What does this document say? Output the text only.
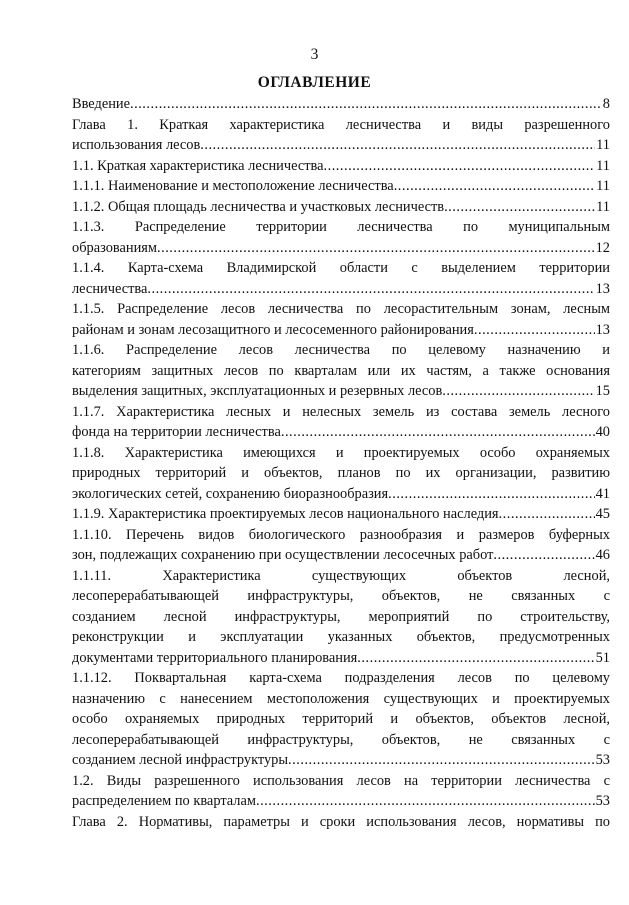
3
ОГЛАВЛЕНИЕ
Введение .....	8
Глава 1. Краткая характеристика лесничества и виды разрешенного
использования лесов .....	11
1.1. Краткая характеристика лесничества .....	11
1.1.1. Наименование и местоположение лесничества .....	11
1.1.2. Общая площадь лесничества и участковых лесничеств .....	11
1.1.3. Распределение территории лесничества по муниципальным
образованиям .....	12
1.1.4. Карта-схема Владимирской области с выделением территории
лесничества .....	13
1.1.5. Распределение лесов лесничества по лесорастительным зонам, лесным
районам и зонам лесозащитного и лесосеменного районирования .....	13
1.1.6. Распределение лесов лесничества по целевому назначению и
категориям защитных лесов по кварталам или их частям, а также основания
выделения защитных, эксплуатационных и резервных лесов .....	15
1.1.7. Характеристика лесных и нелесных земель из состава земель лесного
фонда на территории лесничества .....	40
1.1.8. Характеристика имеющихся и проектируемых особо охраняемых
природных территорий и объектов, планов по их организации, развитию
экологических сетей, сохранению биоразнообразия .....	41
1.1.9. Характеристика проектируемых лесов национального наследия .....	45
1.1.10. Перечень видов биологического разнообразия и размеров буферных
зон, подлежащих сохранению при осуществлении лесосечных работ .....	46
1.1.11. Характеристика существующих объектов лесной,
лесоперерабатывающей инфраструктуры, объектов, не связанных с
созданием лесной инфраструктуры, мероприятий по строительству,
реконструкции и эксплуатации указанных объектов, предусмотренных
документами территориального планирования .....	51
1.1.12. Поквартальная карта-схема подразделения лесов по целевому
назначению с нанесением местоположения существующих и проектируемых
особо охраняемых природных территорий и объектов, объектов лесной,
лесоперерабатывающей инфраструктуры, объектов, не связанных с
созданием лесной инфраструктуры .....	53
1.2. Виды разрешенного использования лесов на территории лесничества с
распределением по кварталам .....	53
Глава 2. Нормативы, параметры и сроки использования лесов, нормативы по
